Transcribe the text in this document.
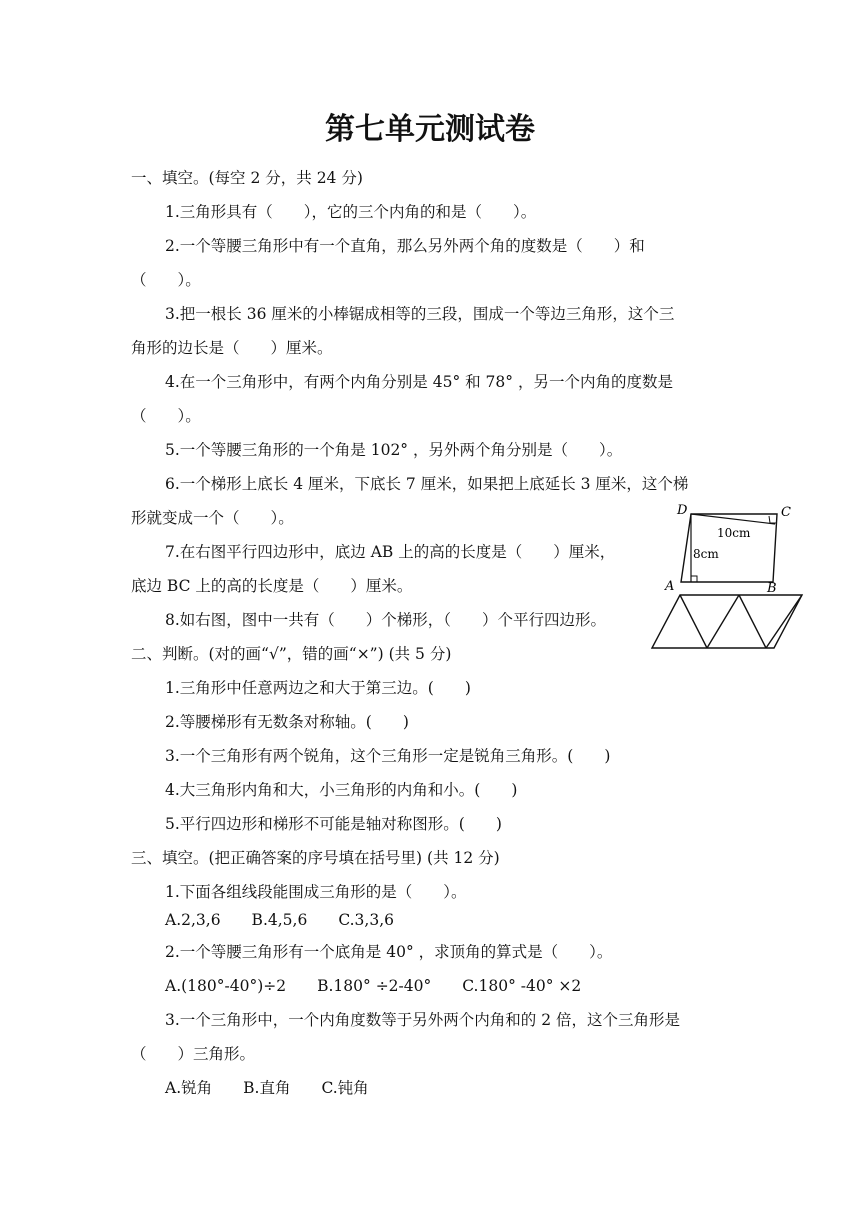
第七单元测试卷
一、填空。(每空 2 分，共 24 分)
1.三角形具有（　　），它的三个内角的和是（　　）。
2.一个等腰三角形中有一个直角，那么另外两个角的度数是（　　）和
（　　）。
3.把一根长 36 厘米的小棒锯成相等的三段，围成一个等边三角形，这个三
角形的边长是（　　）厘米。
4.在一个三角形中，有两个内角分别是 45° 和 78° ，另一个内角的度数是
（　　）。
5.一个等腰三角形的一个角是 102° ，另外两个角分别是（　　）。
6.一个梯形上底长 4 厘米，下底长 7 厘米，如果把上底延长 3 厘米，这个梯
形就变成一个（　　）。
7.在右图平行四边形中，底边 AB 上的高的长度是（　　）厘米，
底边 BC 上的高的长度是（　　）厘米。
8.如右图，图中一共有（　　）个梯形，（　　）个平行四边形。
二、判断。(对的画“√”，错的画“×”) (共 5 分)
1.三角形中任意两边之和大于第三边。(　　)
2.等腰梯形有无数条对称轴。(　　)
3.一个三角形有两个锐角，这个三角形一定是锐角三角形。(　　)
4.大三角形内角和大，小三角形的内角和小。(　　)
5.平行四边形和梯形不可能是轴对称图形。(　　)
三、填空。(把正确答案的序号填在括号里) (共 12 分)
1.下面各组线段能围成三角形的是（　　）。
A.2,3,6　　B.4,5,6　　C.3,3,6
2.一个等腰三角形有一个底角是 40° ，求顶角的算式是（　　）。
A.(180°-40°)÷2　　B.180° ÷2-40°　　C.180° -40° ×2
3.一个三角形中，一个内角度数等于另外两个内角和的 2 倍，这个三角形是
（　　）三角形。
A.锐角　　B.直角　　C.钝角
D	C
A	B
10cm
8cm
